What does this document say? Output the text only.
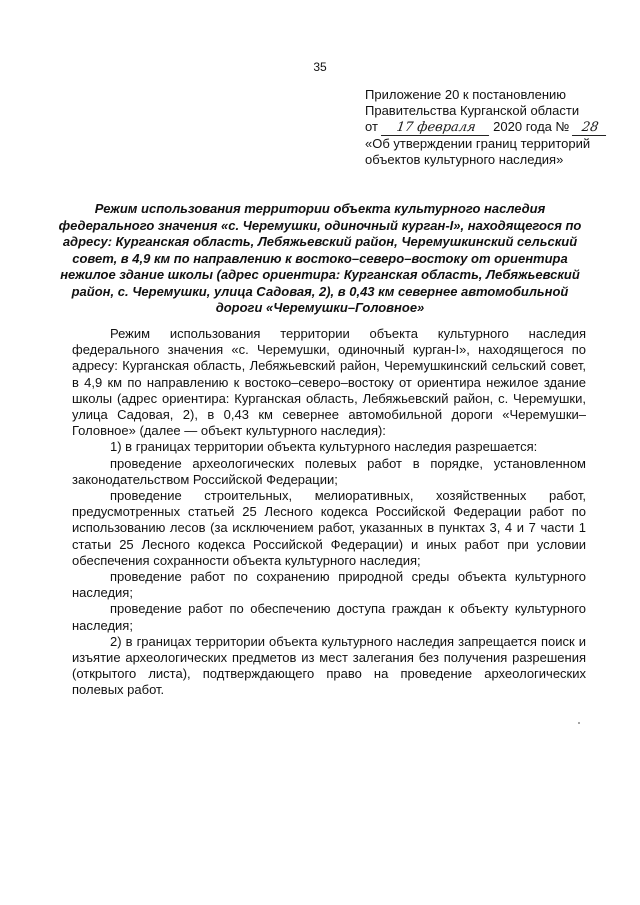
35
Приложение 20 к постановлению
Правительства Курганской области
от 17 февраля 2020 года № 28
«Об утверждении границ территорий
объектов культурного наследия»
Режим использования территории объекта культурного наследия федерального значения «с. Черемушки, одиночный курган-I», находящегося по адресу: Курганская область, Лебяжьевский район, Черемушкинский сельский совет, в 4,9 км по направлению к востоко–северо–востоку от ориентира нежилое здание школы (адрес ориентира: Курганская область, Лебяжьевский район, с. Черемушки, улица Садовая, 2), в 0,43 км севернее автомобильной дороги «Черемушки–Головное»

Режим использования территории объекта культурного наследия федерального значения «с. Черемушки, одиночный курган-I», находящегося по адресу: Курганская область, Лебяжьевский район, Черемушкинский сельский совет, в 4,9 км по направлению к востоко–северо–востоку от ориентира нежилое здание школы (адрес ориентира: Курганская область, Лебяжьевский район, с. Черемушки, улица Садовая, 2), в 0,43 км севернее автомобильной дороги «Черемушки–Головное» (далее — объект культурного наследия):

1) в границах территории объекта культурного наследия разрешается:

проведение археологических полевых работ в порядке, установленном законодательством Российской Федерации;

проведение строительных, мелиоративных, хозяйственных работ, предусмотренных статьей 25 Лесного кодекса Российской Федерации работ по использованию лесов (за исключением работ, указанных в пунктах 3, 4 и 7 части 1 статьи 25 Лесного кодекса Российской Федерации) и иных работ при условии обеспечения сохранности объекта культурного наследия;

проведение работ по сохранению природной среды объекта культурного наследия;

проведение работ по обеспечению доступа граждан к объекту культурного наследия;

2) в границах территории объекта культурного наследия запрещается поиск и изъятие археологических предметов из мест залегания без получения разрешения (открытого листа), подтверждающего право на проведение археологических полевых работ.
